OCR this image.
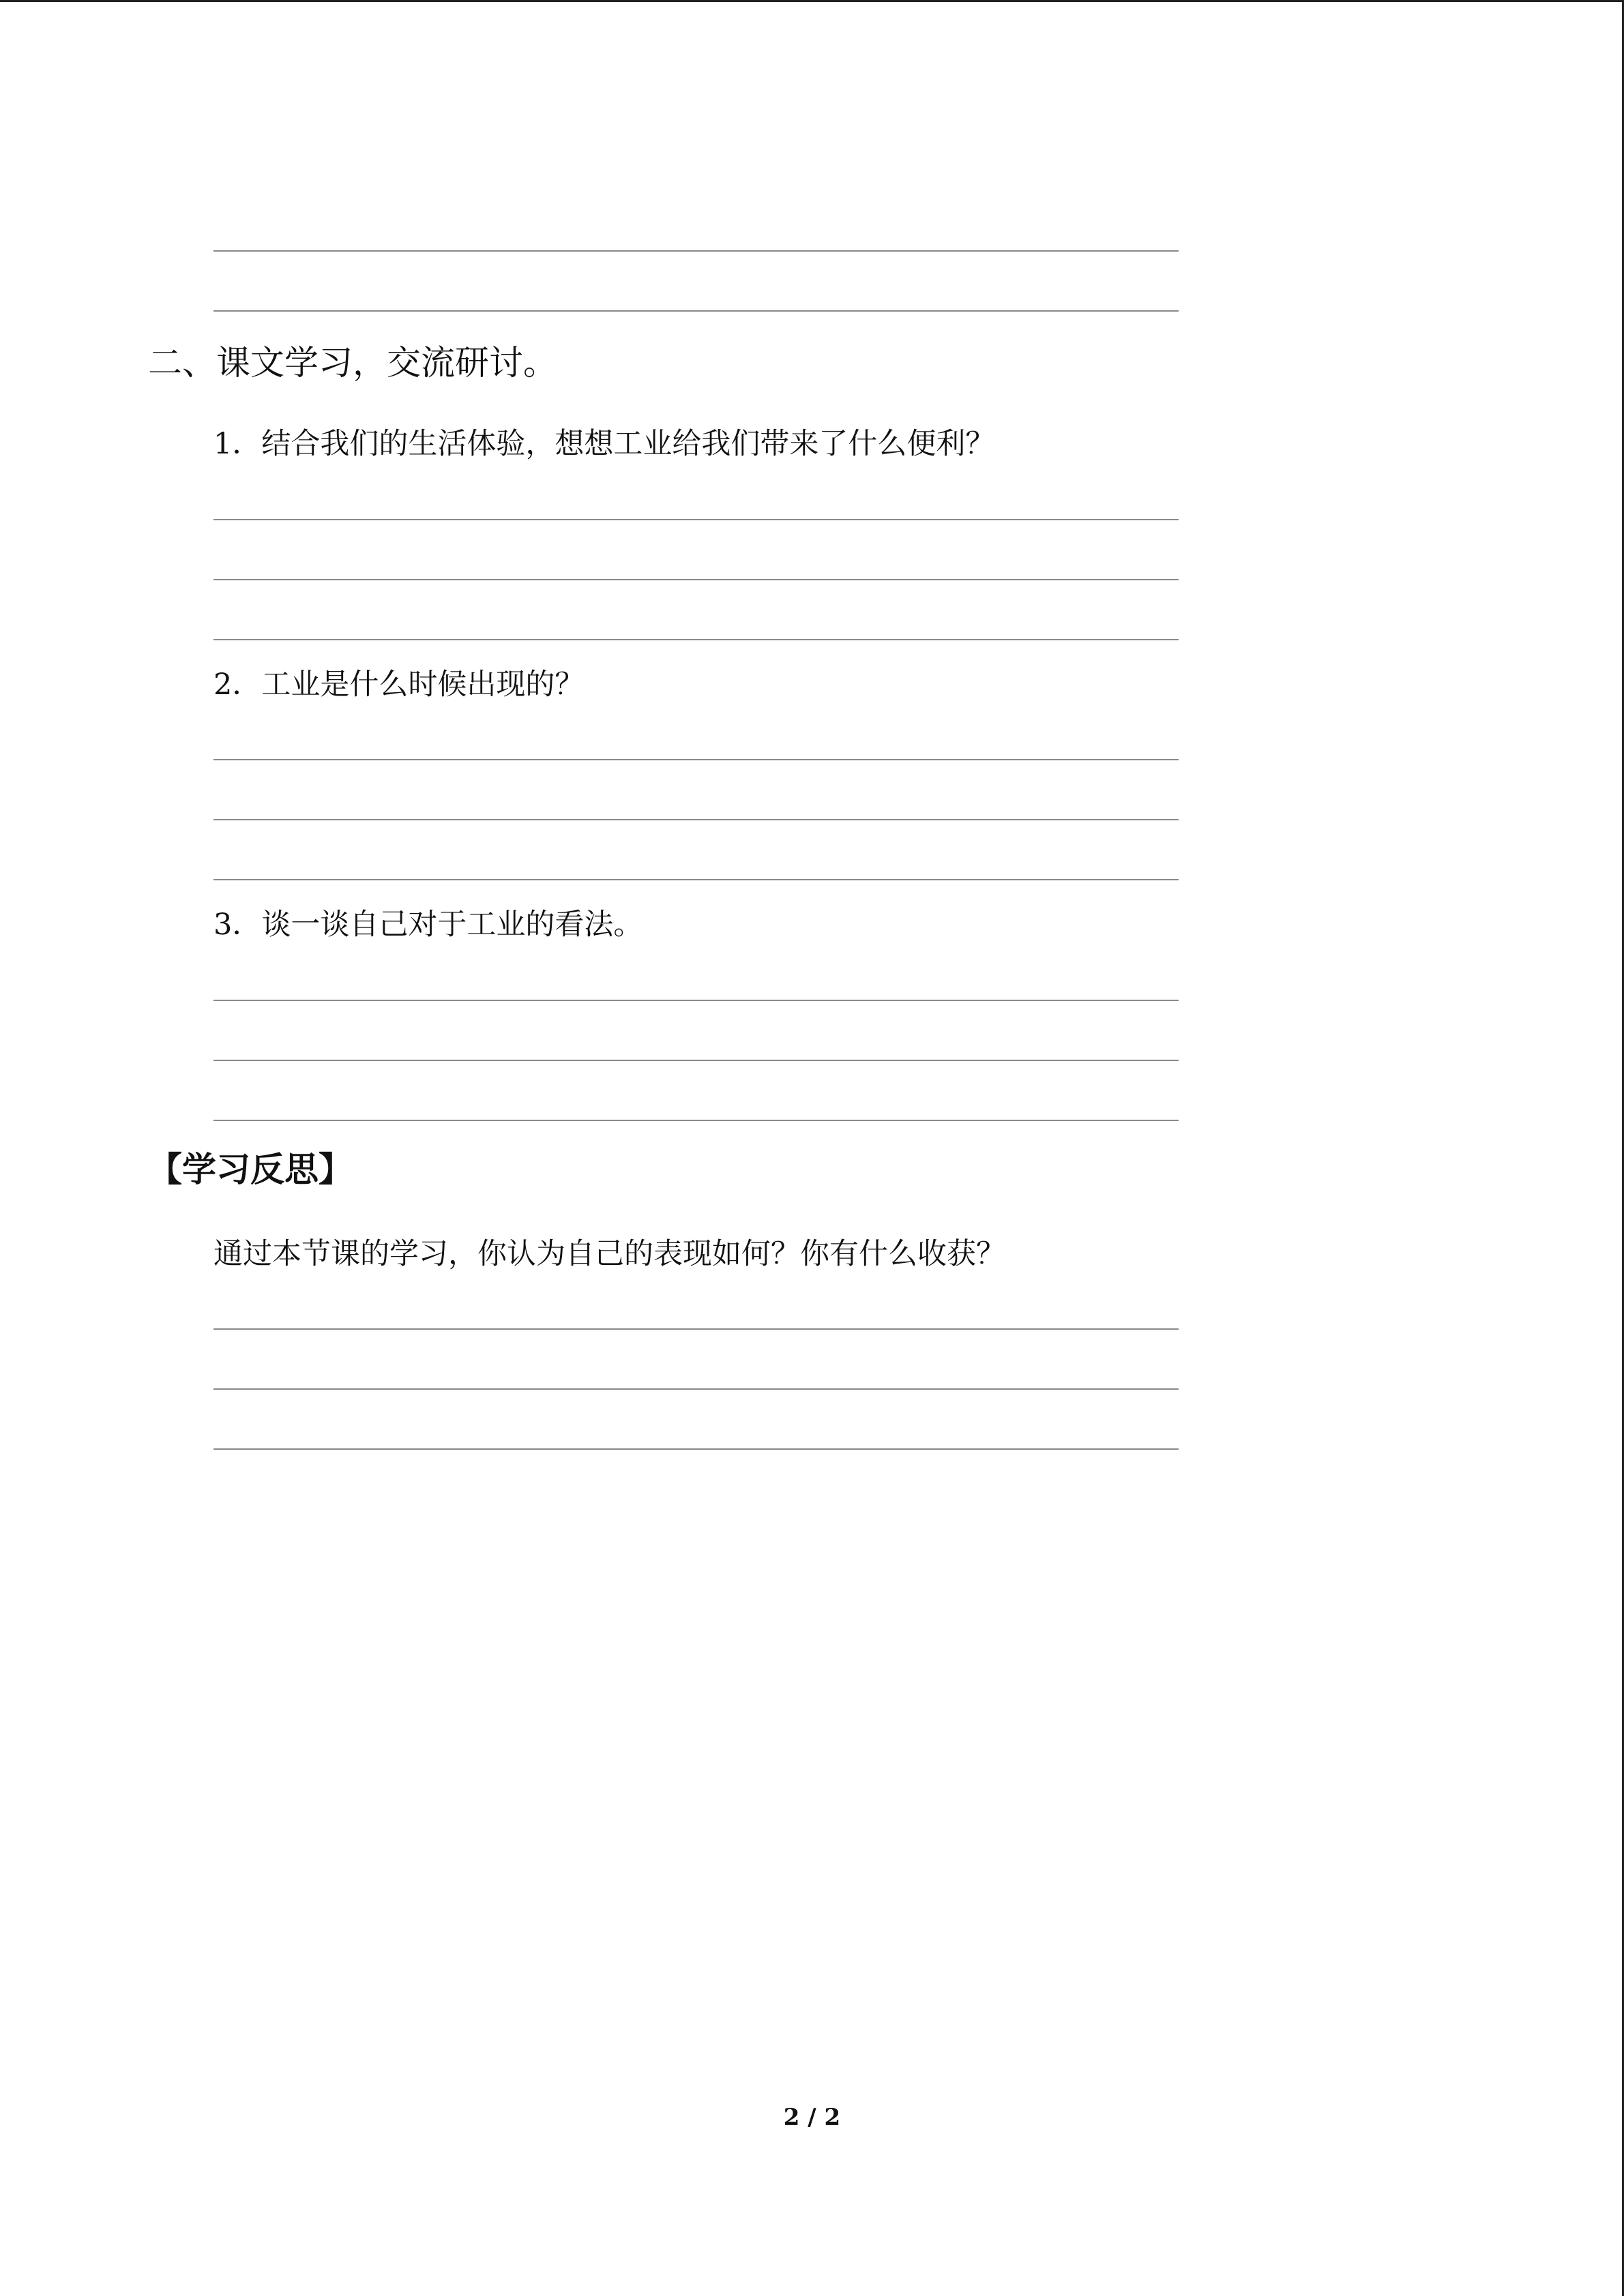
二、课文学习，交流研讨。
1．结合我们的生活体验，想想工业给我们带来了什么便利？
2．工业是什么时候出现的？
3．谈一谈自己对于工业的看法。
【学习反思】
通过本节课的学习，你认为自己的表现如何？你有什么收获？
2 / 2
